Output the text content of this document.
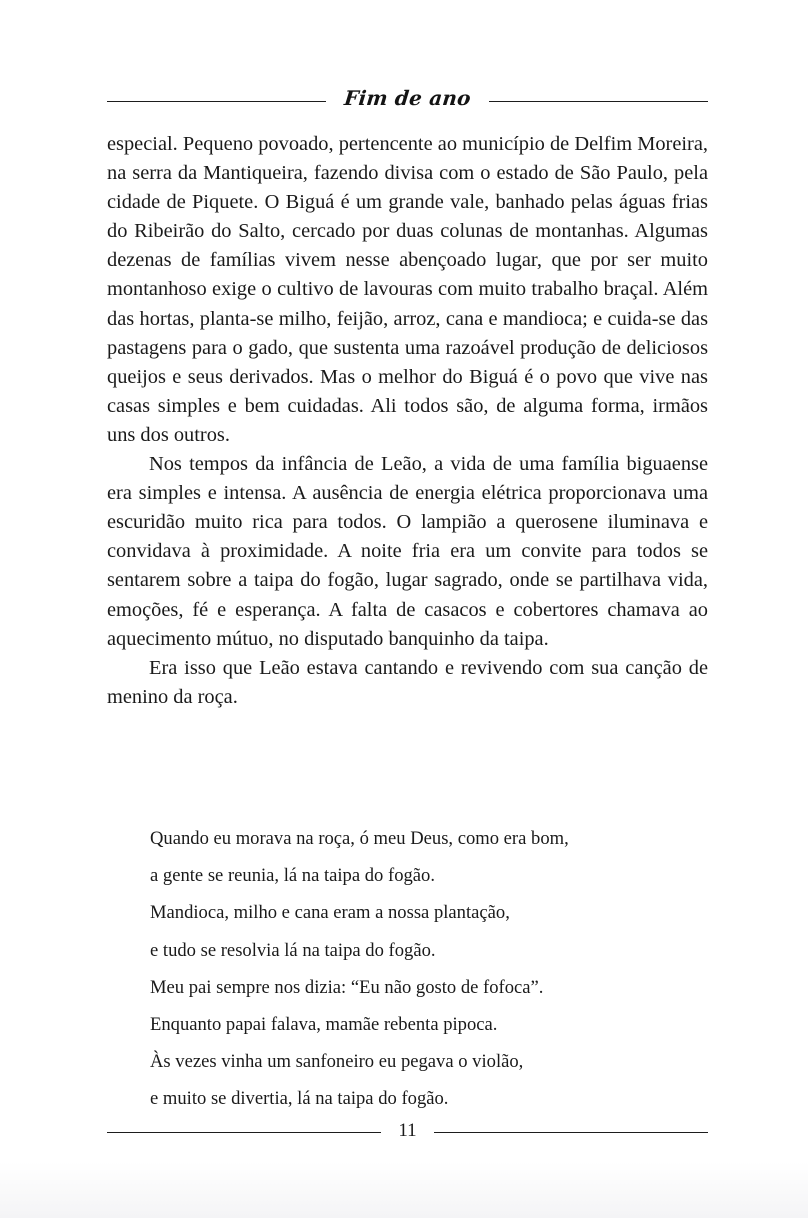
Fim de ano

especial. Pequeno povoado, pertencente ao município de Delfim Moreira, na serra da Mantiqueira, fazendo divisa com o estado de São Paulo, pela cidade de Piquete. O Biguá é um grande vale, banhado pelas águas frias do Ribeirão do Salto, cercado por duas colunas de montanhas. Algumas dezenas de famílias vivem nesse abençoado lugar, que por ser muito montanhoso exige o cultivo de lavouras com muito trabalho braçal. Além das hortas, planta-se milho, feijão, arroz, cana e mandioca; e cuida-se das pastagens para o gado, que sustenta uma razoável produção de deliciosos queijos e seus derivados. Mas o melhor do Biguá é o povo que vive nas casas simples e bem cuidadas. Ali todos são, de alguma forma, irmãos uns dos outros.

Nos tempos da infância de Leão, a vida de uma família biguaense era simples e intensa. A ausência de energia elétrica proporcionava uma escuridão muito rica para todos. O lampião a querosene iluminava e convidava à proximidade. A noite fria era um convite para todos se sentarem sobre a taipa do fogão, lugar sagrado, onde se partilhava vida, emoções, fé e esperança. A falta de casacos e cobertores chamava ao aquecimento mútuo, no disputado banquinho da taipa.

Era isso que Leão estava cantando e revivendo com sua canção de menino da roça.

Quando eu morava na roça, ó meu Deus, como era bom,

a gente se reunia, lá na taipa do fogão.

Mandioca, milho e cana eram a nossa plantação,

e tudo se resolvia lá na taipa do fogão.

Meu pai sempre nos dizia: “Eu não gosto de fofoca”.

Enquanto papai falava, mamãe rebenta pipoca.

Às vezes vinha um sanfoneiro eu pegava o violão,

e muito se divertia, lá na taipa do fogão.

11
